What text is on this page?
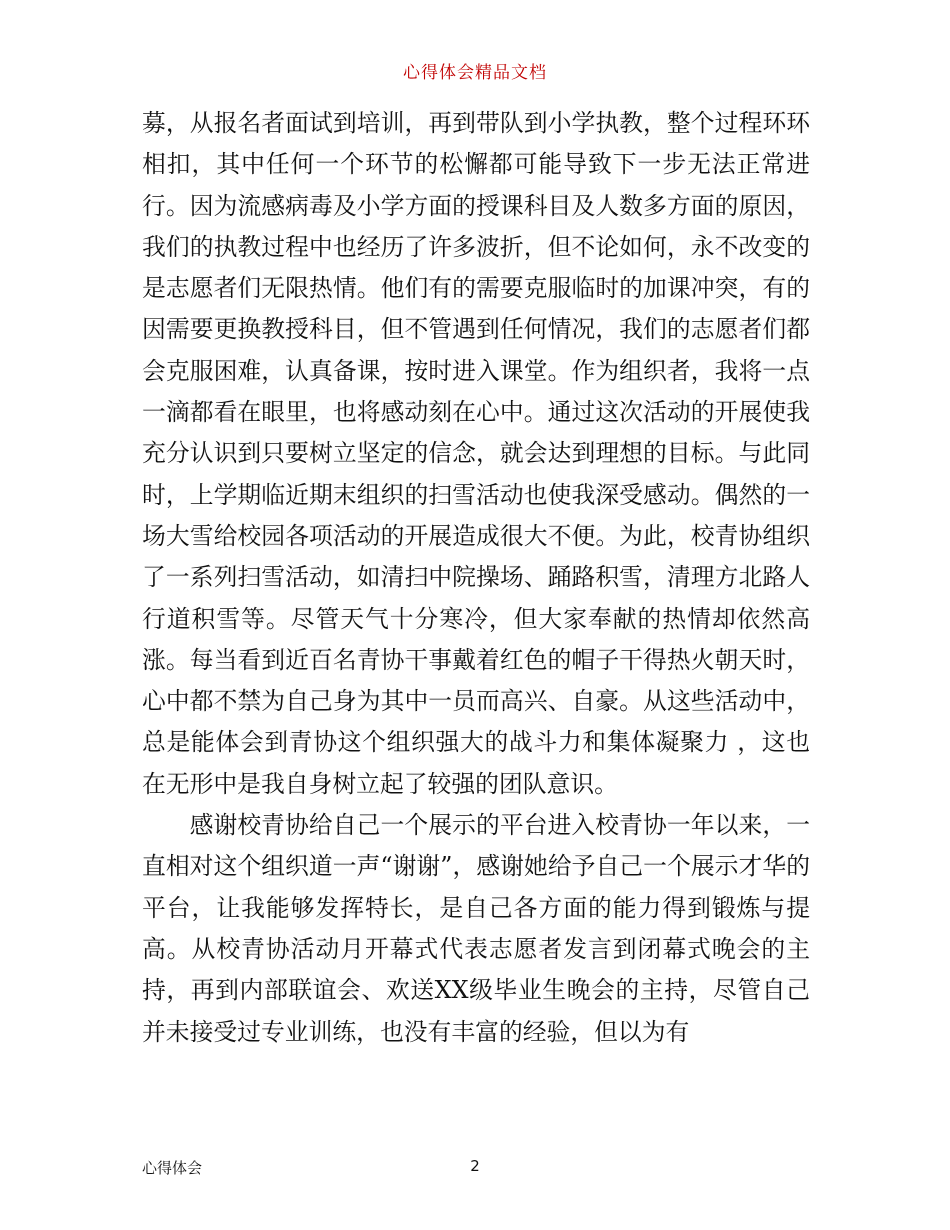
心得体会精品文档

募，从报名者面试到培训，再到带队到小学执教，整个过程环环相扣，其中任何一个环节的松懈都可能导致下一步无法正常进行。因为流感病毒及小学方面的授课科目及人数多方面的原因，我们的执教过程中也经历了许多波折，但不论如何，永不改变的是志愿者们无限热情。他们有的需要克服临时的加课冲突，有的因需要更换教授科目，但不管遇到任何情况，我们的志愿者们都会克服困难，认真备课，按时进入课堂。作为组织者，我将一点一滴都看在眼里，也将感动刻在心中。通过这次活动的开展使我充分认识到只要树立坚定的信念，就会达到理想的目标。与此同时，上学期临近期末组织的扫雪活动也使我深受感动。偶然的一场大雪给校园各项活动的开展造成很大不便。为此，校青协组织了一系列扫雪活动，如清扫中院操场、踊路积雪，清理方北路人行道积雪等。尽管天气十分寒冷，但大家奉献的热情却依然高涨。每当看到近百名青协干事戴着红色的帽子干得热火朝天时，心中都不禁为自己身为其中一员而高兴、自豪。从这些活动中，总是能体会到青协这个组织强大的战斗力和集体凝聚力 ，这也在无形中是我自身树立起了较强的团队意识。

感谢校青协给自己一个展示的平台进入校青协一年以来，一直相对这个组织道一声“谢谢”，感谢她给予自己一个展示才华的平台，让我能够发挥特长，是自己各方面的能力得到锻炼与提高。从校青协活动月开幕式代表志愿者发言到闭幕式晚会的主持，再到内部联谊会、欢送XX级毕业生晚会的主持，尽管自己并未接受过专业训练，也没有丰富的经验，但以为有

心得体会	2
